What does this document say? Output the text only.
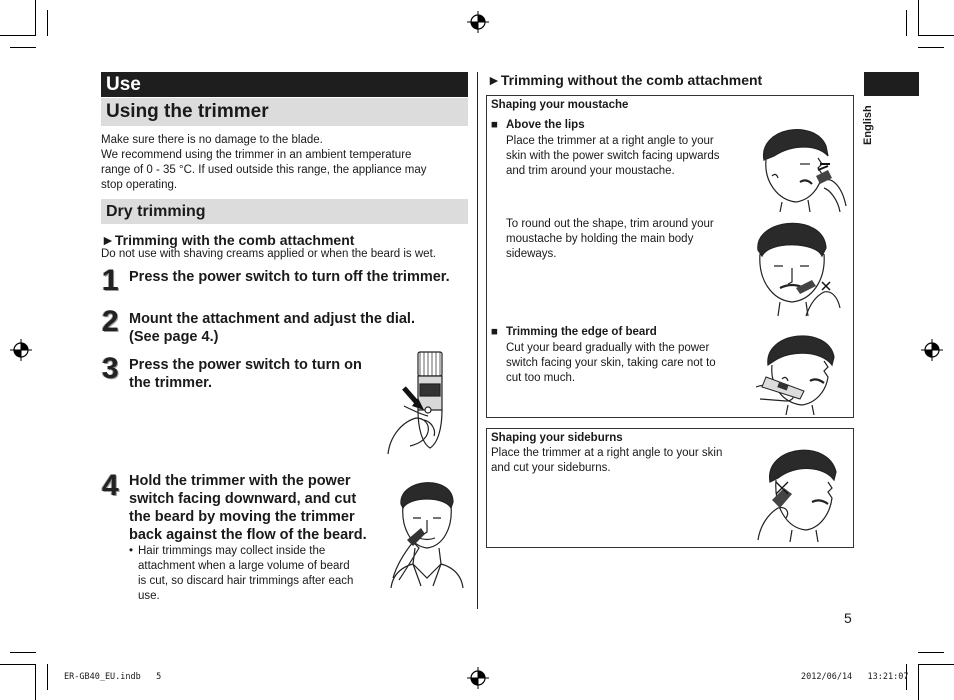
Use
Using the trimmer
Make sure there is no damage to the blade.
We recommend using the trimmer in an ambient temperature
range of 0 - 35 °C. If used outside this range, the appliance may
stop operating.
Dry trimming
►Trimming with the comb attachment
Do not use with shaving creams applied or when the beard is wet.
1 Press the power switch to turn off the trimmer.
2 Mount the attachment and adjust the dial.
(See page 4.)
3 Press the power switch to turn on
the trimmer.
4 Hold the trimmer with the power
switch facing downward, and cut
the beard by moving the trimmer
back against the flow of the beard.
• Hair trimmings may collect inside the
attachment when a large volume of beard
is cut, so discard hair trimmings after each
use.
►Trimming without the comb attachment
Shaping your moustache
■ Above the lips
Place the trimmer at a right angle to your
skin with the power switch facing upwards
and trim around your moustache.
To round out the shape, trim around your
moustache by holding the main body
sideways.
■ Trimming the edge of beard
Cut your beard gradually with the power
switch facing your skin, taking care not to
cut too much.
Shaping your sideburns
Place the trimmer at a right angle to your skin
and cut your sideburns.
English
5
ER-GB40_EU.indb   5	2012/06/14   13:21:07
